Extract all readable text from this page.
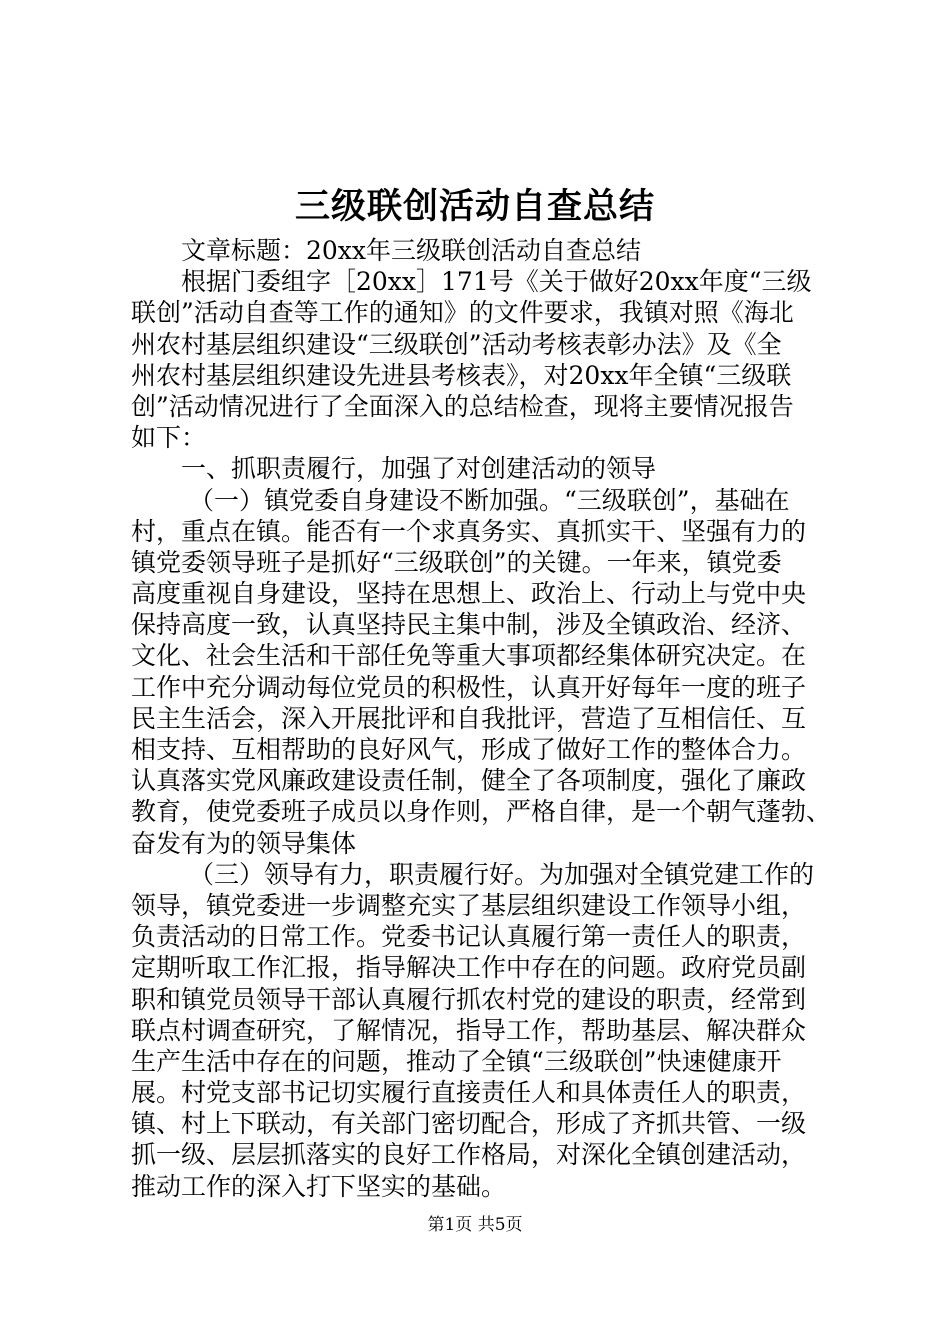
三级联创活动自查总结
文章标题：20xx年三级联创活动自查总结
根据门委组字［20xx］171号《关于做好20xx年度“三级
联创”活动自查等工作的通知》的文件要求，我镇对照《海北
州农村基层组织建设“三级联创”活动考核表彰办法》及《全
州农村基层组织建设先进县考核表》，对20xx年全镇“三级联
创”活动情况进行了全面深入的总结检查，现将主要情况报告
如下：
一、抓职责履行，加强了对创建活动的领导
（一）镇党委自身建设不断加强。“三级联创”，基础在
村，重点在镇。能否有一个求真务实、真抓实干、坚强有力的
镇党委领导班子是抓好“三级联创”的关键。一年来，镇党委
高度重视自身建设，坚持在思想上、政治上、行动上与党中央
保持高度一致，认真坚持民主集中制，涉及全镇政治、经济、
文化、社会生活和干部任免等重大事项都经集体研究决定。在
工作中充分调动每位党员的积极性，认真开好每年一度的班子
民主生活会，深入开展批评和自我批评，营造了互相信任、互
相支持、互相帮助的良好风气，形成了做好工作的整体合力。
认真落实党风廉政建设责任制，健全了各项制度，强化了廉政
教育，使党委班子成员以身作则，严格自律，是一个朝气蓬勃、
奋发有为的领导集体
（三）领导有力，职责履行好。为加强对全镇党建工作的
领导，镇党委进一步调整充实了基层组织建设工作领导小组，
负责活动的日常工作。党委书记认真履行第一责任人的职责，
定期听取工作汇报，指导解决工作中存在的问题。政府党员副
职和镇党员领导干部认真履行抓农村党的建设的职责，经常到
联点村调查研究，了解情况，指导工作，帮助基层、解决群众
生产生活中存在的问题，推动了全镇“三级联创”快速健康开
展。村党支部书记切实履行直接责任人和具体责任人的职责，
镇、村上下联动，有关部门密切配合，形成了齐抓共管、一级
抓一级、层层抓落实的良好工作格局，对深化全镇创建活动，
推动工作的深入打下坚实的基础。
第1页 共5页
